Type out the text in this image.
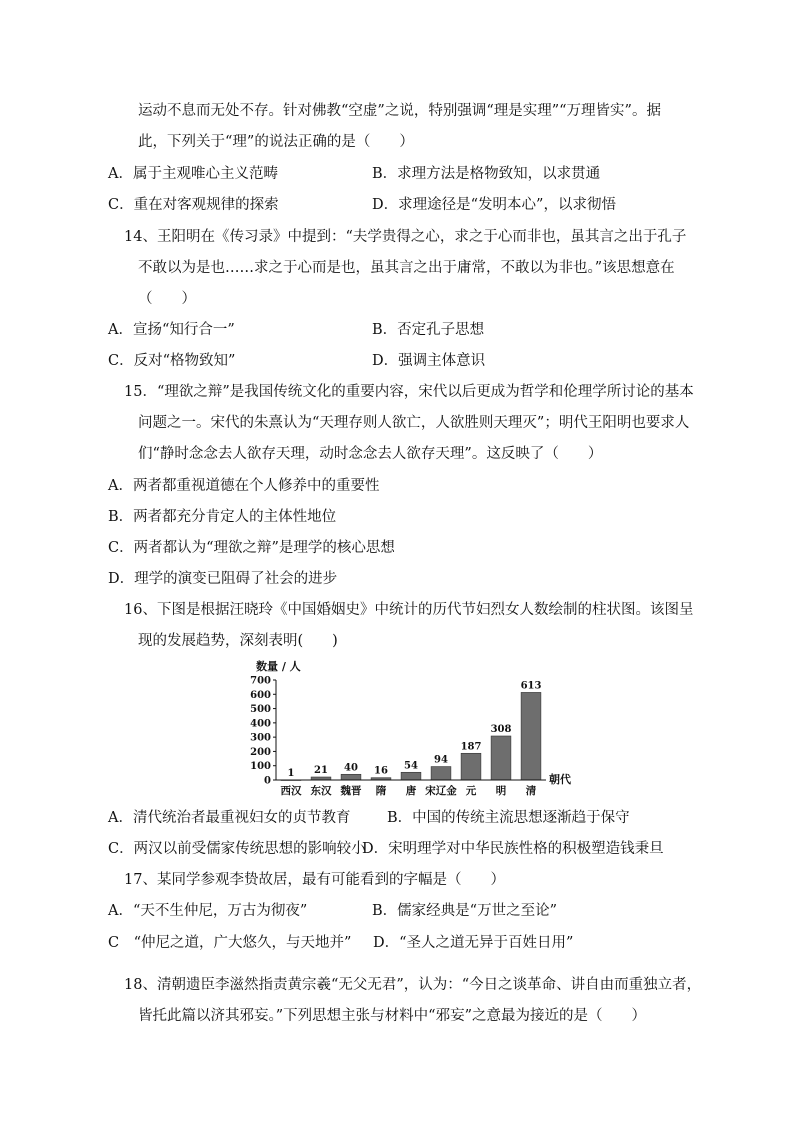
运动不息而无处不存。针对佛教“空虚”之说，特别强调“理是实理”“万理皆实”。据
此，下列关于“理”的说法正确的是（　　）
A．属于主观唯心主义范畴	B．求理方法是格物致知，以求贯通
C．重在对客观规律的探索	D．求理途径是“发明本心”，以求彻悟
14、王阳明在《传习录》中提到：“夫学贵得之心，求之于心而非也，虽其言之出于孔子
不敢以为是也……求之于心而是也，虽其言之出于庸常，不敢以为非也。”该思想意在
（　　）
A．宣扬“知行合一”	B．否定孔子思想
C．反对“格物致知”	D．强调主体意识
15．“理欲之辩”是我国传统文化的重要内容，宋代以后更成为哲学和伦理学所讨论的基本
问题之一。宋代的朱熹认为“天理存则人欲亡，人欲胜则天理灭”；明代王阳明也要求人
们“静时念念去人欲存天理，动时念念去人欲存天理”。这反映了（　　）
A．两者都重视道德在个人修养中的重要性
B．两者都充分肯定人的主体性地位
C．两者都认为“理欲之辩”是理学的核心思想
D．理学的演变已阻碍了社会的进步
16、下图是根据汪晓玲《中国婚姻史》中统计的历代节妇烈女人数绘制的柱状图。该图呈
现的发展趋势，深刻表明(　　)
数量 / 人
0
100
200
300
400
500
600
700
1 21 40 16 54
94
187
308
613
西汉 东汉 魏晋 隋 唐 宋辽金 元 明 清
朝代
A．清代统治者最重视妇女的贞节教育	B．中国的传统主流思想逐渐趋于保守
C．两汉以前受儒家传统思想的影响较小
D．宋明理学对中华民族性格的积极塑造钱秉旦
17、某同学参观李贽故居，最有可能看到的字幅是（　　）
A．“天不生仲尼，万古为彻夜”	B．儒家经典是“万世之至论”
C　“仲尼之道，广大悠久，与天地并” D．“圣人之道无异于百姓日用”
18、清朝遗臣李滋然指责黄宗羲“无父无君”，认为：“今日之谈革命、讲自由而重独立者，
皆托此篇以济其邪妄。”下列思想主张与材料中“邪妄”之意最为接近的是（　　）
